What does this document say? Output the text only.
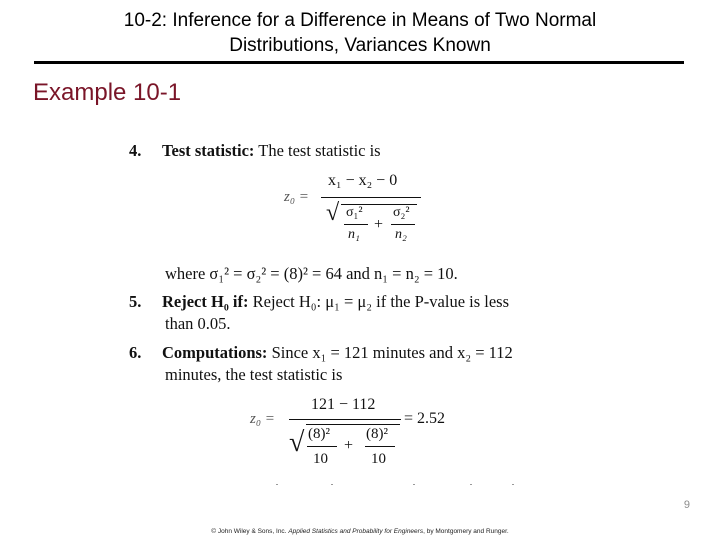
10-2: Inference for a Difference in Means of Two Normal
Distributions, Variances Known
Example 10-1
4. Test statistic: The test statistic is
z₀ =
x₁ − x₂ − 0
√ σ₁²
n₁
+
σ₂²
n₂
where σ₁² = σ₂² = (8)² = 64 and n₁ = n₂ = 10.
5. Reject H₀ if: Reject H₀: μ₁ = μ₂ if the P-value is less
than 0.05.
6. Computations: Since x₁ = 121 minutes and x₂ = 112
minutes, the test statistic is
z₀ =
121 − 112
√ (8)²
10
+
(8)²
10
= 2.52
9
© John Wiley & Sons, Inc. Applied Statistics and Probability for Engineers, by Montgomery and Runger.
